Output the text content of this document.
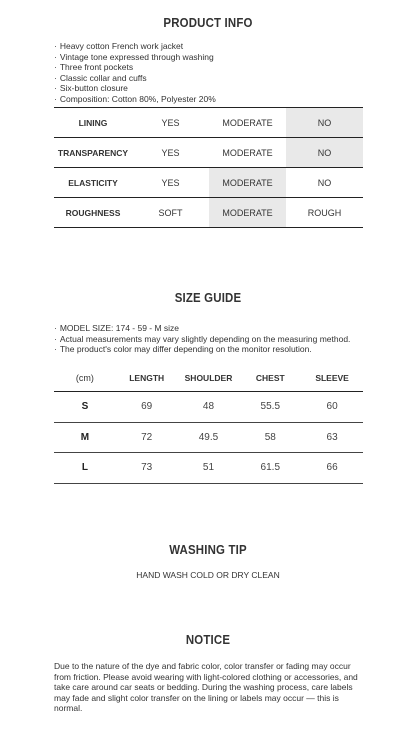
PRODUCT INFO
· Heavy cotton French work jacket
· Vintage tone expressed through washing
· Three front pockets
· Classic collar and cuffs
· Six-button closure
· Composition: Cotton 80%, Polyester 20%
LINING	YES	MODERATE	NO
TRANSPARENCY	YES	MODERATE	NO
ELASTICITY	YES	MODERATE	NO
ROUGHNESS	SOFT	MODERATE	ROUGH
SIZE GUIDE
· MODEL SIZE: 174 - 59 - M size
· Actual measurements may vary slightly depending on the measuring method.
· The product's color may differ depending on the monitor resolution.
(cm)	LENGTH	SHOULDER	CHEST	SLEEVE
S	69	48	55.5	60
M	72	49.5	58	63
L	73	51	61.5	66
WASHING TIP
HAND WASH COLD OR DRY CLEAN
NOTICE

Due to the nature of the dye and fabric color, color transfer or fading may occur from friction. Please avoid wearing with light-colored clothing or accessories, and take care around car seats or bedding. During the washing process, care labels may fade and slight color transfer on the lining or labels may occur — this is normal.
